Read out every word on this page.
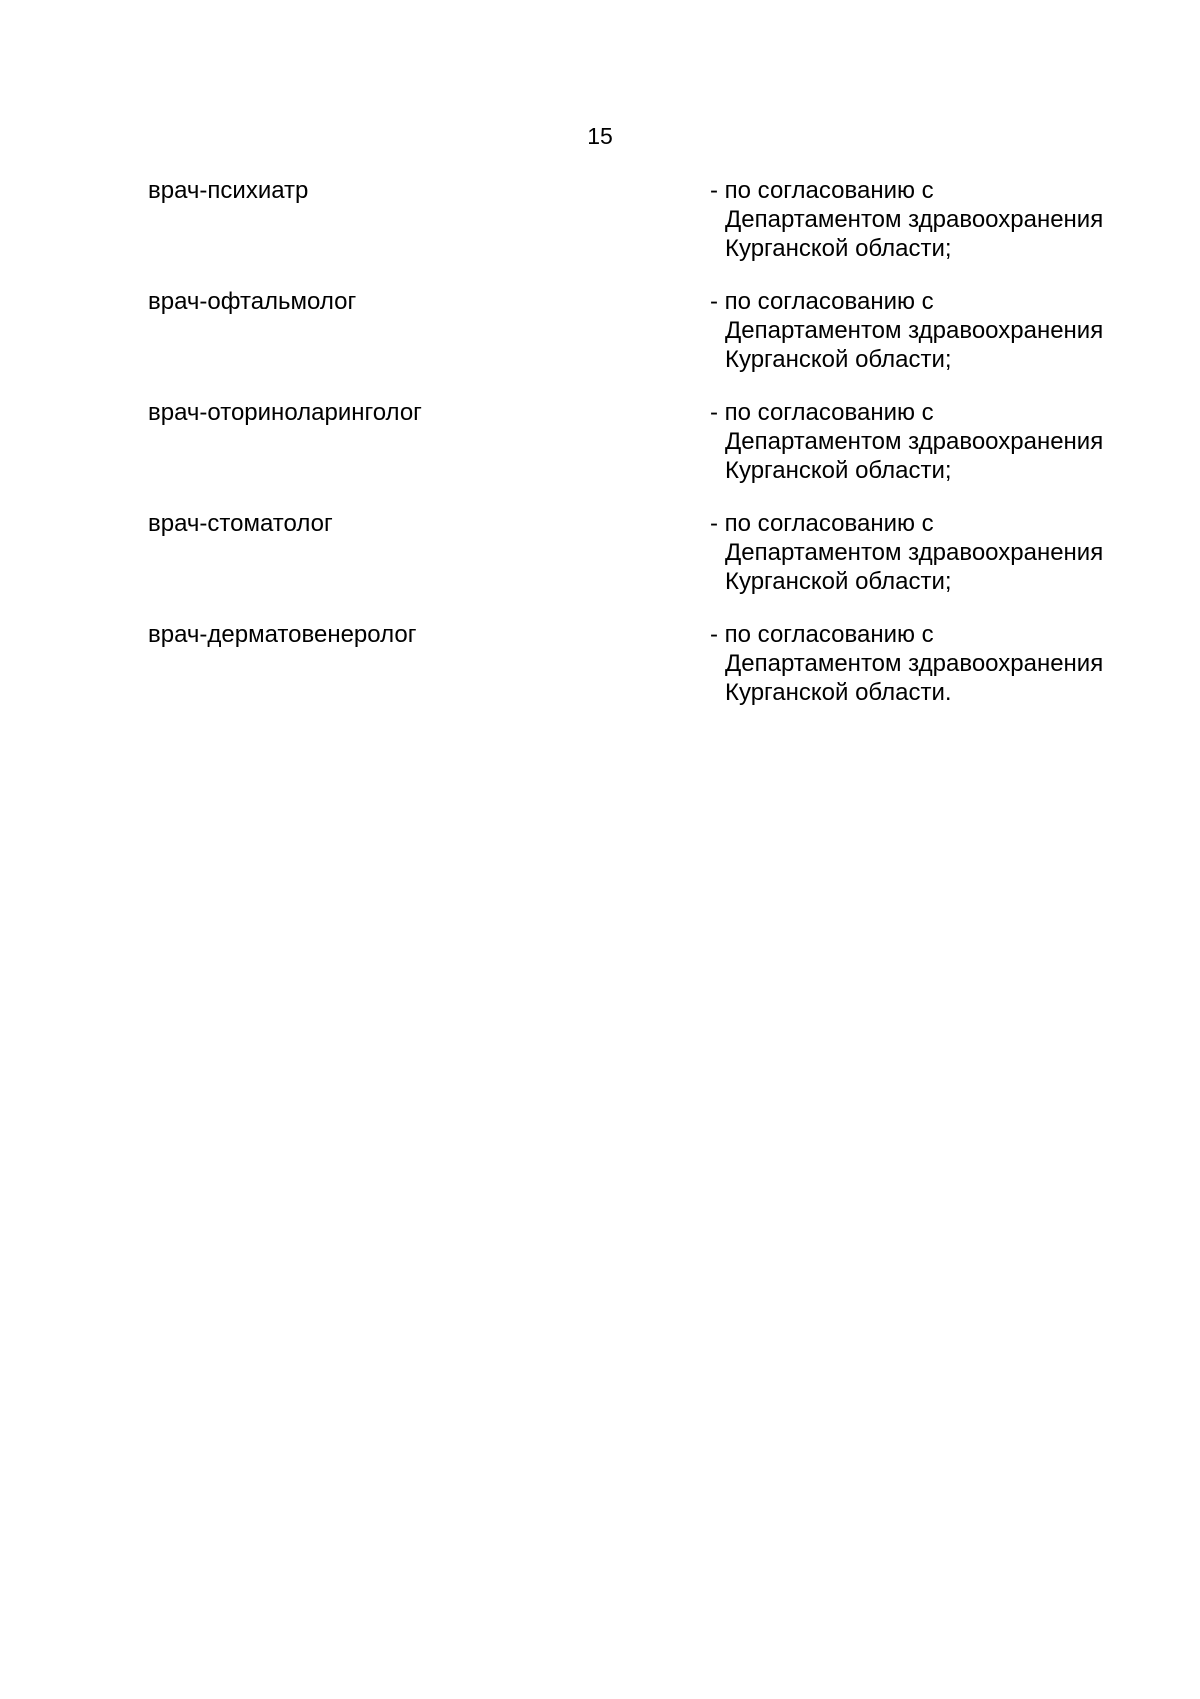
15
врач-психиатр	- по согласованию с
Департаментом здравоохранения
Курганской области;
врач-офтальмолог	- по согласованию с
Департаментом здравоохранения
Курганской области;
врач-оториноларинголог	- по согласованию с
Департаментом здравоохранения
Курганской области;
врач-стоматолог	- по согласованию с
Департаментом здравоохранения
Курганской области;
врач-дерматовенеролог	- по согласованию с
Департаментом здравоохранения
Курганской области.
